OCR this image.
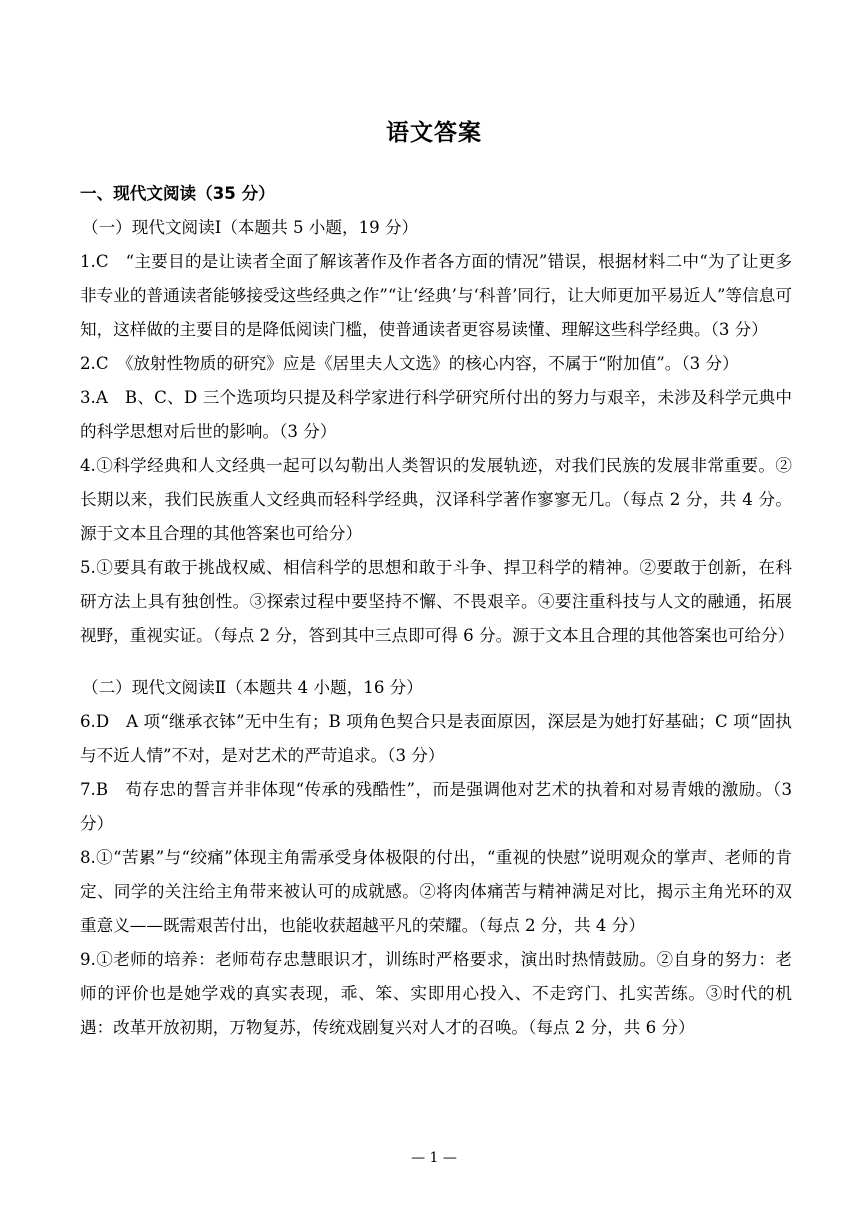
语文答案

一、现代文阅读（35 分）

（一）现代文阅读Ⅰ（本题共 5 小题，19 分）

1.C　“主要目的是让读者全面了解该著作及作者各方面的情况”错误，根据材料二中“为了让更多非专业的普通读者能够接受这些经典之作”“让‘经典’与‘科普’同行，让大师更加平易近人”等信息可知，这样做的主要目的是降低阅读门槛，使普通读者更容易读懂、理解这些科学经典。（3 分）

2.C　《放射性物质的研究》应是《居里夫人文选》的核心内容，不属于“附加值”。（3 分）

3.A　B、C、D 三个选项均只提及科学家进行科学研究所付出的努力与艰辛，未涉及科学元典中的科学思想对后世的影响。（3 分）

4.①科学经典和人文经典一起可以勾勒出人类智识的发展轨迹，对我们民族的发展非常重要。②长期以来，我们民族重人文经典而轻科学经典，汉译科学著作寥寥无几。（每点 2 分，共 4 分。源于文本且合理的其他答案也可给分）

5.①要具有敢于挑战权威、相信科学的思想和敢于斗争、捍卫科学的精神。②要敢于创新，在科研方法上具有独创性。③探索过程中要坚持不懈、不畏艰辛。④要注重科技与人文的融通，拓展视野，重视实证。（每点 2 分，答到其中三点即可得 6 分。源于文本且合理的其他答案也可给分）

（二）现代文阅读Ⅱ（本题共 4 小题，16 分）

6.D　A 项“继承衣钵”无中生有；B 项角色契合只是表面原因，深层是为她打好基础；C 项“固执与不近人情”不对，是对艺术的严苛追求。（3 分）

7.B　苟存忠的誓言并非体现“传承的残酷性”，而是强调他对艺术的执着和对易青娥的激励。（3 分）

8.①“苦累”与“绞痛”体现主角需承受身体极限的付出，“重视的快慰”说明观众的掌声、老师的肯定、同学的关注给主角带来被认可的成就感。②将肉体痛苦与精神满足对比，揭示主角光环的双重意义——既需艰苦付出，也能收获超越平凡的荣耀。（每点 2 分，共 4 分）

9.①老师的培养：老师苟存忠慧眼识才，训练时严格要求，演出时热情鼓励。②自身的努力：老师的评价也是她学戏的真实表现，乖、笨、实即用心投入、不走窍门、扎实苦练。③时代的机遇：改革开放初期，万物复苏，传统戏剧复兴对人才的召唤。（每点 2 分，共 6 分）

— 1 —
